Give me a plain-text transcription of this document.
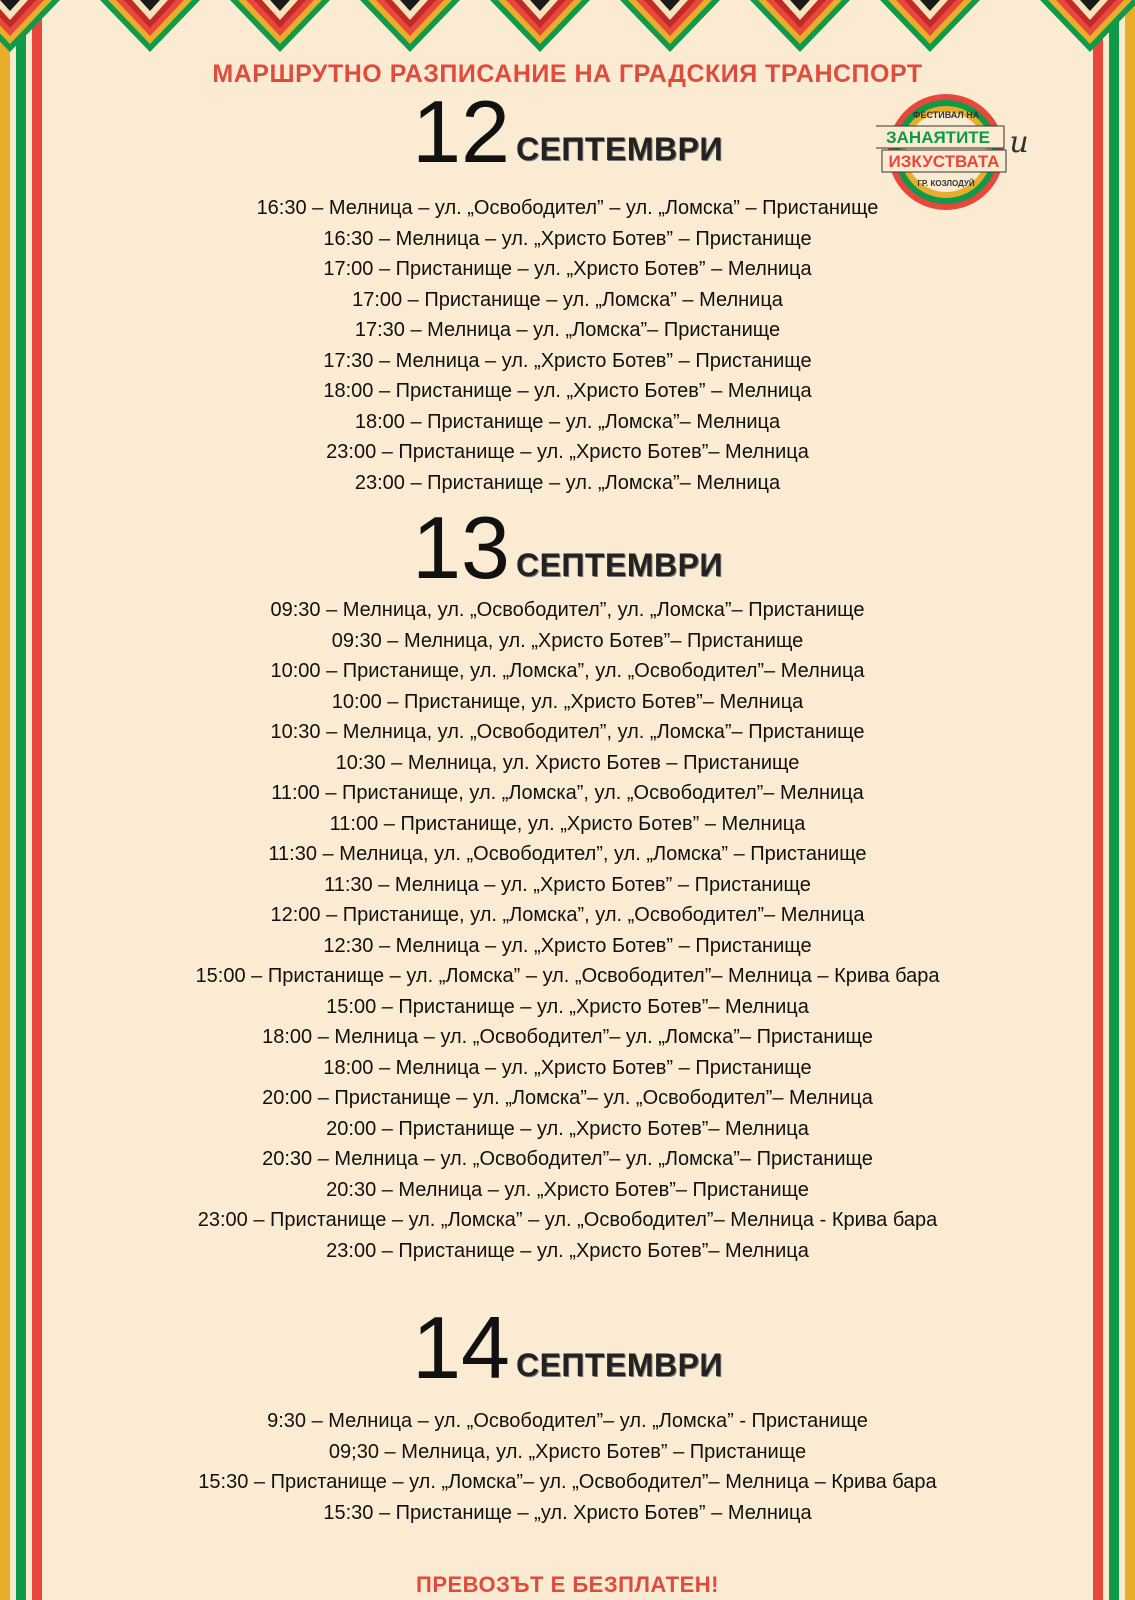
МАРШРУТНО РАЗПИСАНИЕ НА ГРАДСКИЯ ТРАНСПОРТ
ФЕСТИВАЛ НА
ЗАНАЯТИТЕ и
ИЗКУСТВАТА
ГР. КОЗЛОДУЙ
12 СЕПТЕМВРИ
16:30 – Мелница – ул. „Освободител” – ул. „Ломска” – Пристанище
16:30 – Мелница – ул. „Христо Ботев” – Пристанище
17:00 – Пристанище – ул. „Христо Ботев” – Мелница
17:00 – Пристанище – ул. „Ломска” – Мелница
17:30 – Мелница – ул. „Ломска”– Пристанище
17:30 – Мелница – ул. „Христо Ботев” – Пристанище
18:00 – Пристанище – ул. „Христо Ботев” – Мелница
18:00 – Пристанище – ул. „Ломска”– Мелница
23:00 – Пристанище – ул. „Христо Ботев”– Мелница
23:00 – Пристанище – ул. „Ломска”– Мелница
13 СЕПТЕМВРИ
09:30 – Мелница, ул. „Освободител”, ул. „Ломска”– Пристанище
09:30 – Мелница, ул. „Христо Ботев”– Пристанище
10:00 – Пристанище, ул. „Ломска”, ул. „Освободител”– Мелница
10:00 – Пристанище, ул. „Христо Ботев”– Мелница
10:30 – Мелница, ул. „Освободител”, ул. „Ломска”– Пристанище
10:30 – Мелница, ул. Христо Ботев – Пристанище
11:00 – Пристанище, ул. „Ломска”, ул. „Освободител”– Мелница
11:00 – Пристанище, ул. „Христо Ботев” – Мелница
11:30 – Мелница, ул. „Освободител”, ул. „Ломска” – Пристанище
11:30 – Мелница – ул. „Христо Ботев” – Пристанище
12:00 – Пристанище, ул. „Ломска”, ул. „Освободител”– Мелница
12:30 – Мелница – ул. „Христо Ботев” – Пристанище
15:00 – Пристанище – ул. „Ломска” – ул. „Освободител”– Мелница – Крива бара
15:00 – Пристанище – ул. „Христо Ботев”– Мелница
18:00 – Мелница – ул. „Освободител”– ул. „Ломска”– Пристанище
18:00 – Мелница – ул. „Христо Ботев” – Пристанище
20:00 – Пристанище – ул. „Ломска”– ул. „Освободител”– Мелница
20:00 – Пристанище – ул. „Христо Ботев”– Мелница
20:30 – Мелница – ул. „Освободител”– ул. „Ломска”– Пристанище
20:30 – Мелница – ул. „Христо Ботев”– Пристанище
23:00 – Пристанище – ул. „Ломска” – ул. „Освободител”– Мелница - Крива бара
23:00 – Пристанище – ул. „Христо Ботев”– Мелница
14 СЕПТЕМВРИ
9:30 – Мелница – ул. „Освободител”– ул. „Ломска” - Пристанище
09;30 – Мелница, ул. „Христо Ботев” – Пристанище
15:30 – Пристанище – ул. „Ломска”– ул. „Освободител”– Мелница – Крива бара
15:30 – Пристанище – „ул. Христо Ботев” – Мелница
ПРЕВОЗЪТ Е БЕЗПЛАТЕН!
